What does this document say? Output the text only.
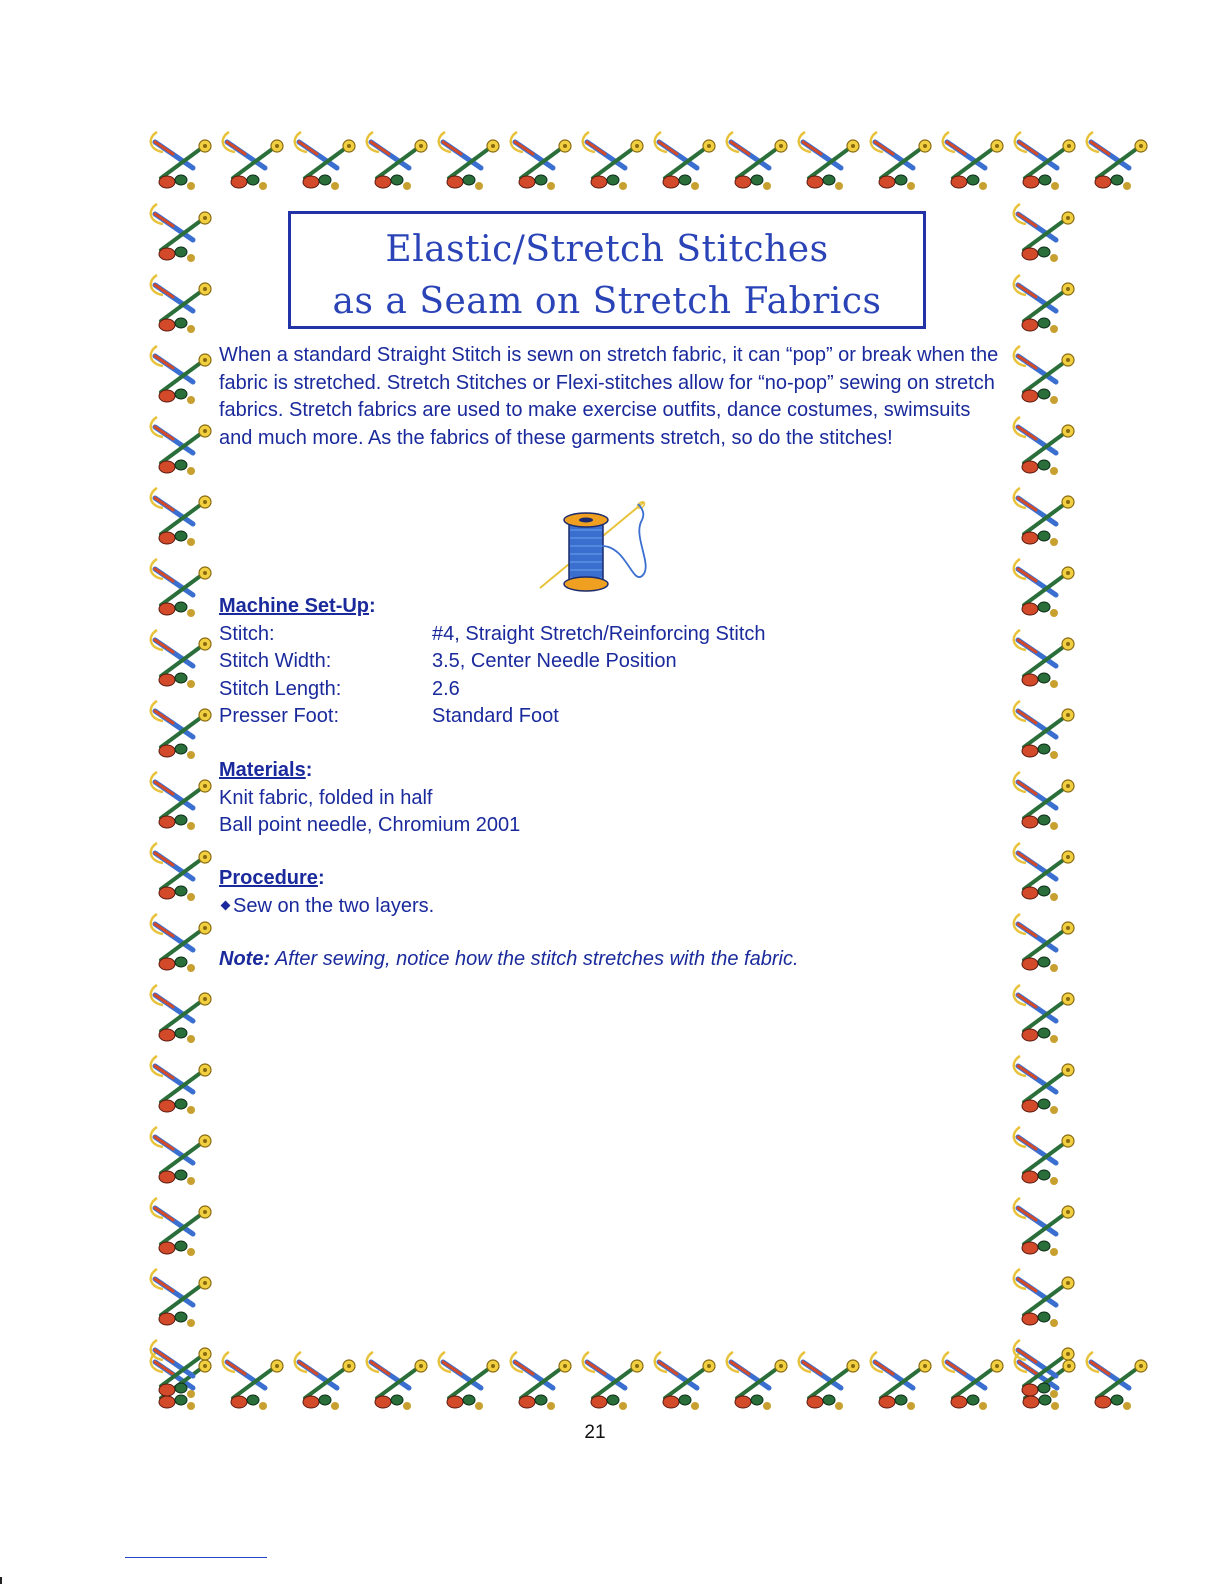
Elastic/Stretch Stitches
as a Seam on Stretch Fabrics
When a standard Straight Stitch is sewn on stretch fabric, it can “pop” or break when the fabric is stretched. Stretch Stitches or Flexi-stitches allow for “no-pop” sewing on stretch fabrics. Stretch fabrics are used to make exercise outfits, dance costumes, swimsuits and much more. As the fabrics of these garments stretch, so do the stitches!
Machine Set-Up:
Stitch:	#4, Straight Stretch/Reinforcing Stitch
Stitch Width:	3.5, Center Needle Position
Stitch Length:	2.6
Presser Foot:	Standard Foot
Materials:
Knit fabric, folded in half
Ball point needle, Chromium 2001
Procedure:
Sew on the two layers.
Note: After sewing, notice how the stitch stretches with the fabric.
21
